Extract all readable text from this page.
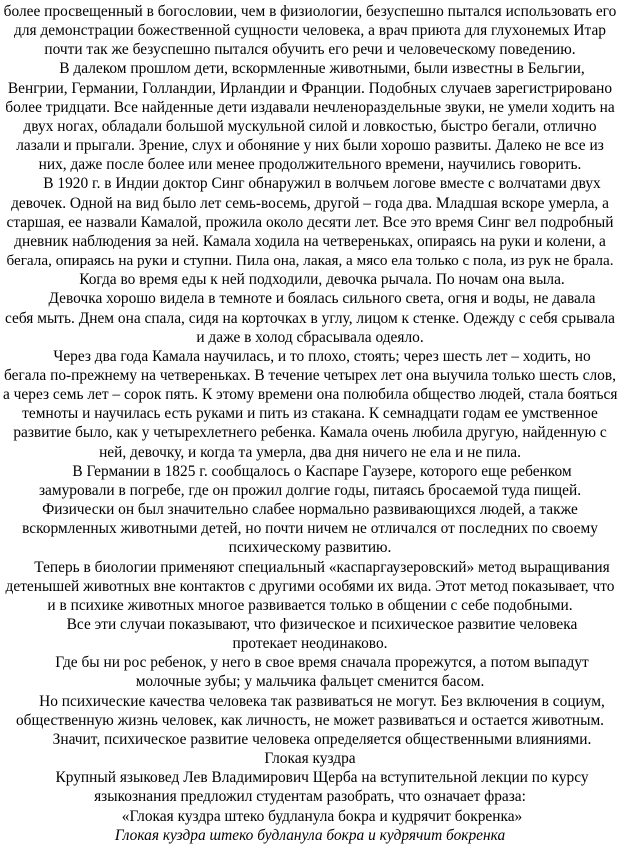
более просвещенный в богословии, чем в физиологии, безуспешно пытался использовать его
для демонстрации божественной сущности человека, а врач приюта для глухонемых Итар
почти так же безуспешно пытался обучить его речи и человеческому поведению.
В далеком прошлом дети, вскормленные животными, были известны в Бельгии,
Венгрии, Германии, Голландии, Ирландии и Франции. Подобных случаев зарегистрировано
более тридцати. Все найденные дети издавали нечленораздельные звуки, не умели ходить на
двух ногах, обладали большой мускульной силой и ловкостью, быстро бегали, отлично
лазали и прыгали. Зрение, слух и обоняние у них были хорошо развиты. Далеко не все из
них, даже после более или менее продолжительного времени, научились говорить.
В 1920 г. в Индии доктор Синг обнаружил в волчьем логове вместе с волчатами двух
девочек. Одной на вид было лет семь-восемь, другой – года два. Младшая вскоре умерла, а
старшая, ее назвали Камалой, прожила около десяти лет. Все это время Синг вел подробный
дневник наблюдения за ней. Камала ходила на четвереньках, опираясь на руки и колени, а
бегала, опираясь на руки и ступни. Пила она, лакая, а мясо ела только с пола, из рук не брала.
Когда во время еды к ней подходили, девочка рычала. По ночам она выла.
Девочка хорошо видела в темноте и боялась сильного света, огня и воды, не давала
себя мыть. Днем она спала, сидя на корточках в углу, лицом к стенке. Одежду с себя срывала
и даже в холод сбрасывала одеяло.
Через два года Камала научилась, и то плохо, стоять; через шесть лет – ходить, но
бегала по-прежнему на четвереньках. В течение четырех лет она выучила только шесть слов,
а через семь лет – сорок пять. К этому времени она полюбила общество людей, стала бояться
темноты и научилась есть руками и пить из стакана. К семнадцати годам ее умственное
развитие было, как у четырехлетнего ребенка. Камала очень любила другую, найденную с
ней, девочку, и когда та умерла, два дня ничего не ела и не пила.
В Германии в 1825 г. сообщалось о Каспаре Гаузере, которого еще ребенком
замуровали в погребе, где он прожил долгие годы, питаясь бросаемой туда пищей.
Физически он был значительно слабее нормально развивающихся людей, а также
вскормленных животными детей, но почти ничем не отличался от последних по своему
психическому развитию.
Теперь в биологии применяют специальный «каспаргаузеровский» метод выращивания
детенышей животных вне контактов с другими особями их вида. Этот метод показывает, что
и в психике животных многое развивается только в общении с себе подобными.
Все эти случаи показывают, что физическое и психическое развитие человека
протекает неодинаково.
Где бы ни рос ребенок, у него в свое время сначала прорежутся, а потом выпадут
молочные зубы; у мальчика фальцет сменится басом.
Но психические качества человека так развиваться не могут. Без включения в социум,
общественную жизнь человек, как личность, не может развиваться и остается животным.
Значит, психическое развитие человека определяется общественными влияниями.
Глокая куздра
Крупный языковед Лев Владимирович Щерба на вступительной лекции по курсу
языкознания предложил студентам разобрать, что означает фраза:
«Глокая куздра штеко будланула бокра и кудрячит бокренка»
Глокая куздра штеко будланула бокра и кудрячит бокренка
